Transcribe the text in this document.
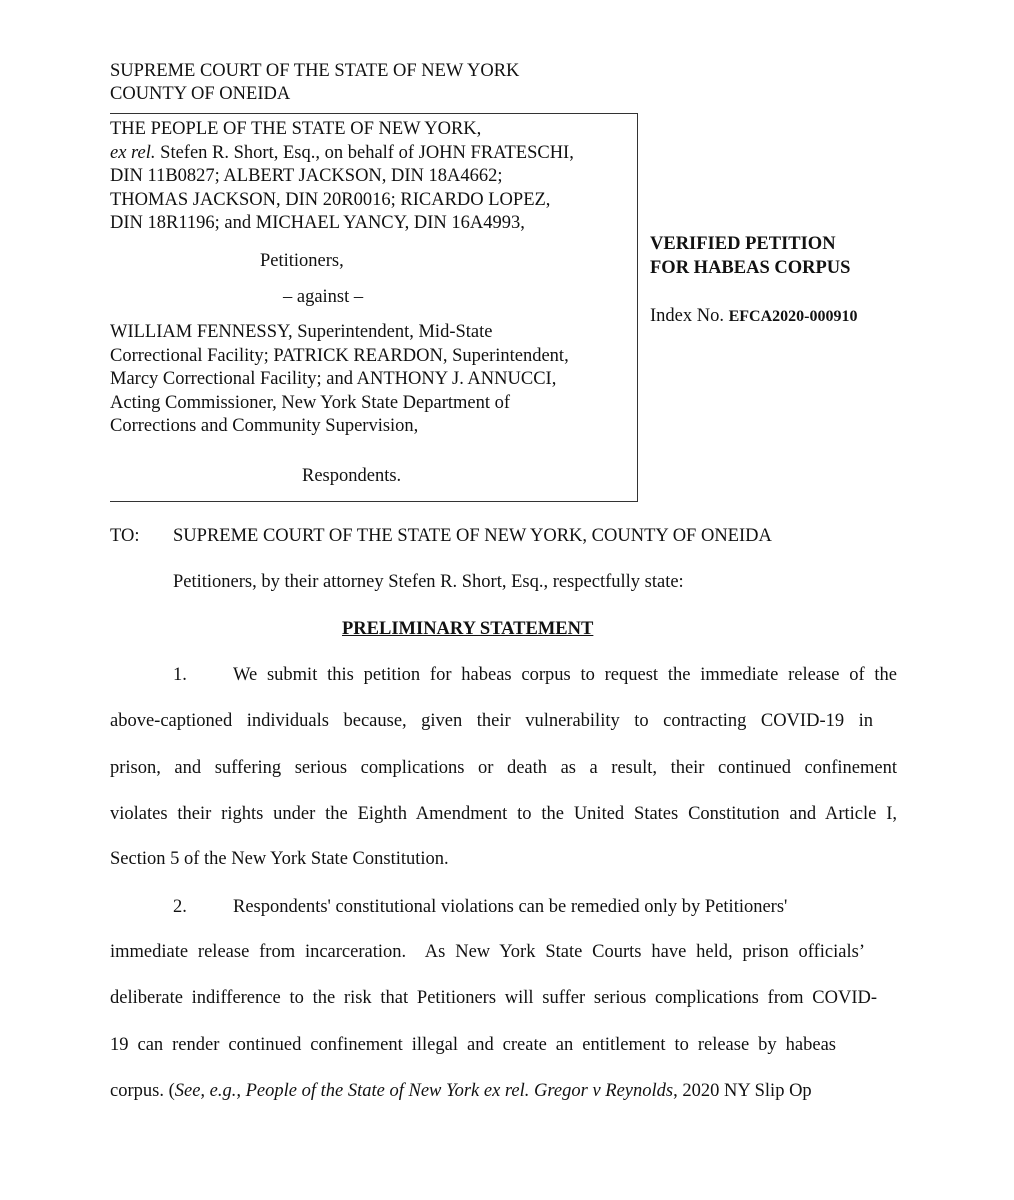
SUPREME COURT OF THE STATE OF NEW YORK
COUNTY OF ONEIDA
THE PEOPLE OF THE STATE OF NEW YORK,
ex rel. Stefen R. Short, Esq., on behalf of JOHN FRATESCHI,
DIN 11B0827; ALBERT JACKSON, DIN 18A4662;
THOMAS JACKSON, DIN 20R0016; RICARDO LOPEZ,
DIN 18R1196; and MICHAEL YANCY, DIN 16A4993,
Petitioners,
– against –
WILLIAM FENNESSY, Superintendent, Mid-State
Correctional Facility; PATRICK REARDON, Superintendent,
Marcy Correctional Facility; and ANTHONY J. ANNUCCI,
Acting Commissioner, New York State Department of
Corrections and Community Supervision,
Respondents.
VERIFIED PETITION
FOR HABEAS CORPUS
Index No. EFCA2020-000910
TO: SUPREME COURT OF THE STATE OF NEW YORK, COUNTY OF ONEIDA
Petitioners, by their attorney Stefen R. Short, Esq., respectfully state:
PRELIMINARY STATEMENT
1. We submit this petition for habeas corpus to request the immediate release of the
above-captioned individuals because, given their vulnerability to contracting COVID-19 in
prison, and suffering serious complications or death as a result, their continued confinement
violates their rights under the Eighth Amendment to the United States Constitution and Article I,
Section 5 of the New York State Constitution.
2. Respondents' constitutional violations can be remedied only by Petitioners'
immediate release from incarceration.  As New York State Courts have held, prison officials’
deliberate indifference to the risk that Petitioners will suffer serious complications from COVID-
19 can render continued confinement illegal and create an entitlement to release by habeas
corpus. (See, e.g., People of the State of New York ex rel. Gregor v Reynolds, 2020 NY Slip Op
